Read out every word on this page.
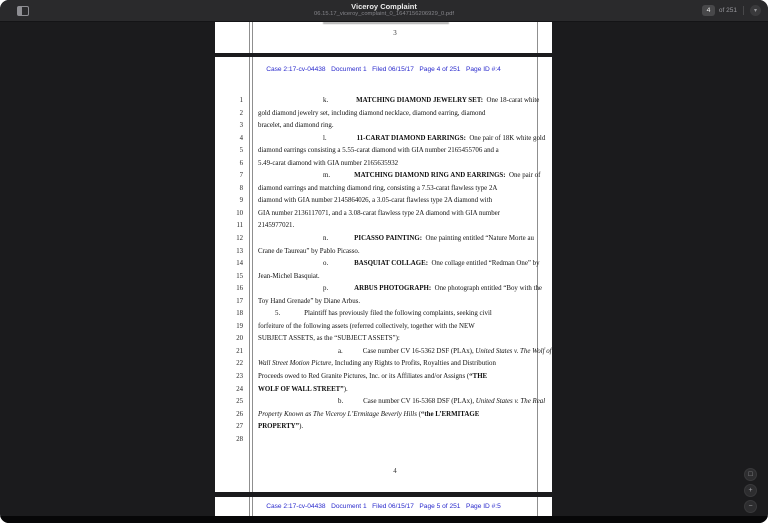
Viceroy Complaint
06.15.17_viceroy_complaint_0_1647156206929_0.pdf
4	of 251	▾
3
Case 2:17-cv-04438   Document 1   Filed 06/15/17   Page 4 of 251   Page ID #:4
1	k.	MATCHING DIAMOND JEWELRY SET:  One 18-carat white
2 gold diamond jewelry set, including diamond necklace, diamond earring, diamond
3 bracelet, and diamond ring.
4	l.	11-CARAT DIAMOND EARRINGS:  One pair of 18K white gold
5 diamond earrings consisting a 5.55-carat diamond with GIA number 2165455706 and a
6 5.49-carat diamond with GIA number 2165635932
7	m.	MATCHING DIAMOND RING AND EARRINGS:  One pair of
8 diamond earrings and matching diamond ring, consisting a 7.53-carat flawless type 2A
9 diamond with GIA number 2145864026, a 3.05-carat flawless type 2A diamond with
10 GIA number 2136117071, and a 3.08-carat flawless type 2A diamond with GIA number
11 2145977021.
12	n.	PICASSO PAINTING:  One painting entitled “Nature Morte au
13 Crane de Taureau” by Pablo Picasso.
14	o.	BASQUIAT COLLAGE:  One collage entitled “Redman One” by
15 Jean-Michel Basquiat.
16	p.	ARBUS PHOTOGRAPH:  One photograph entitled “Boy with the
17 Toy Hand Grenade” by Diane Arbus.
18	5.	Plaintiff has previously filed the following complaints, seeking civil
19 forfeiture of the following assets (referred collectively, together with the NEW
20 SUBJECT ASSETS, as the “SUBJECT ASSETS”):
21	a.	Case number CV 16-5362 DSF (PLAx), United States v. The Wolf of
22 Wall Street Motion Picture, Including any Rights to Profits, Royalties and Distribution
23 Proceeds owed to Red Granite Pictures, Inc. or its Affiliates and/or Assigns (“THE
24 WOLF OF WALL STREET”).
25	b.	Case number CV 16-5368 DSF (PLAx), United States v. The Real
26 Property Known as The Viceroy L’Ermitage Beverly Hills (“the L’ERMITAGE
27 PROPERTY”).
28
4
Case 2:17-cv-04438   Document 1   Filed 06/15/17   Page 5 of 251   Page ID #:5
□
+
−
